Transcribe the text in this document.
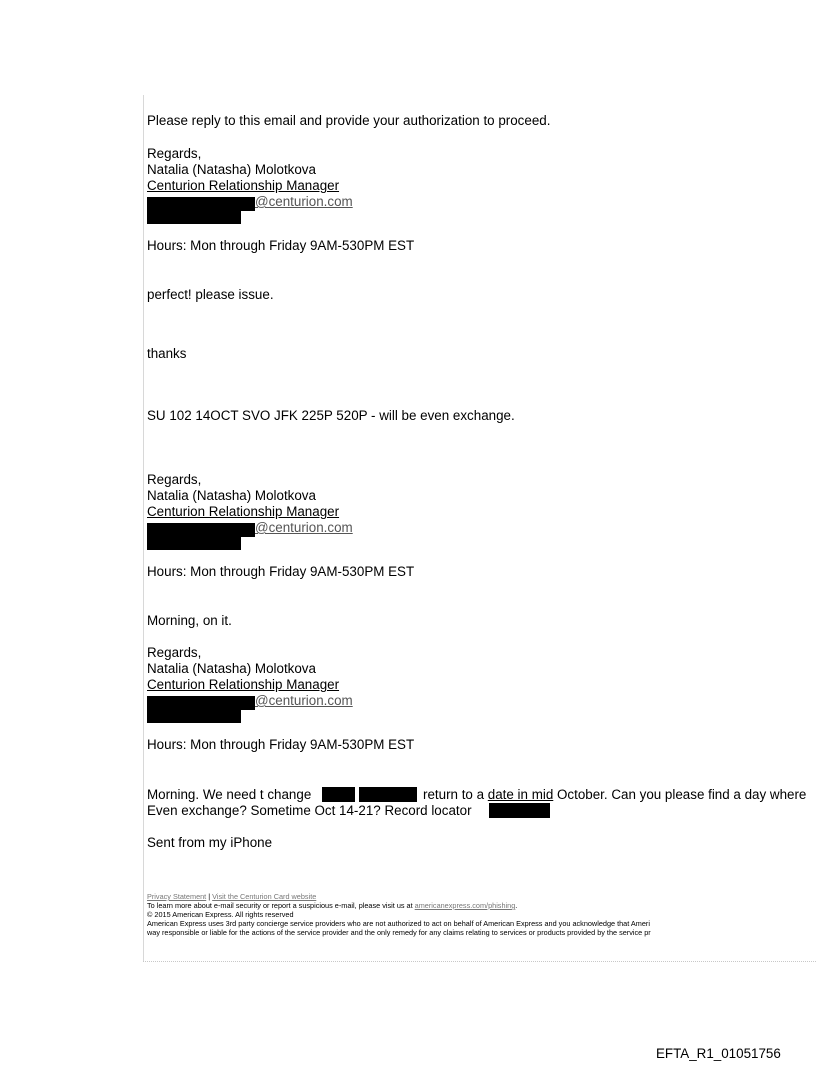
Please reply to this email and provide your authorization to proceed.
Regards,
Natalia (Natasha) Molotkova
Centurion Relationship Manager
@centurion.com
Hours: Mon through Friday 9AM-530PM EST
perfect! please issue.
thanks
SU 102 14OCT SVO JFK 225P 520P - will be even exchange.
Regards,
Natalia (Natasha) Molotkova
Centurion Relationship Manager
@centurion.com
Hours: Mon through Friday 9AM-530PM EST
Morning, on it.
Regards,
Natalia (Natasha) Molotkova
Centurion Relationship Manager
@centurion.com
Hours: Mon through Friday 9AM-530PM EST
Morning. We need t change	return to a date in mid October. Can you please find a day where
Even exchange? Sometime Oct 14-21? Record locator
Sent from my iPhone
Privacy Statement | Visit the Centurion Card website
To learn more about e-mail security or report a suspicious e-mail, please visit us at americanexpress.com/phishing.
© 2015 American Express. All rights reserved
American Express uses 3rd party concierge service providers who are not authorized to act on behalf of American Express and you acknowledge that Ameri
way responsible or liable for the actions of the service provider and the only remedy for any claims relating to services or products provided by the service pr
EFTA_R1_01051756
